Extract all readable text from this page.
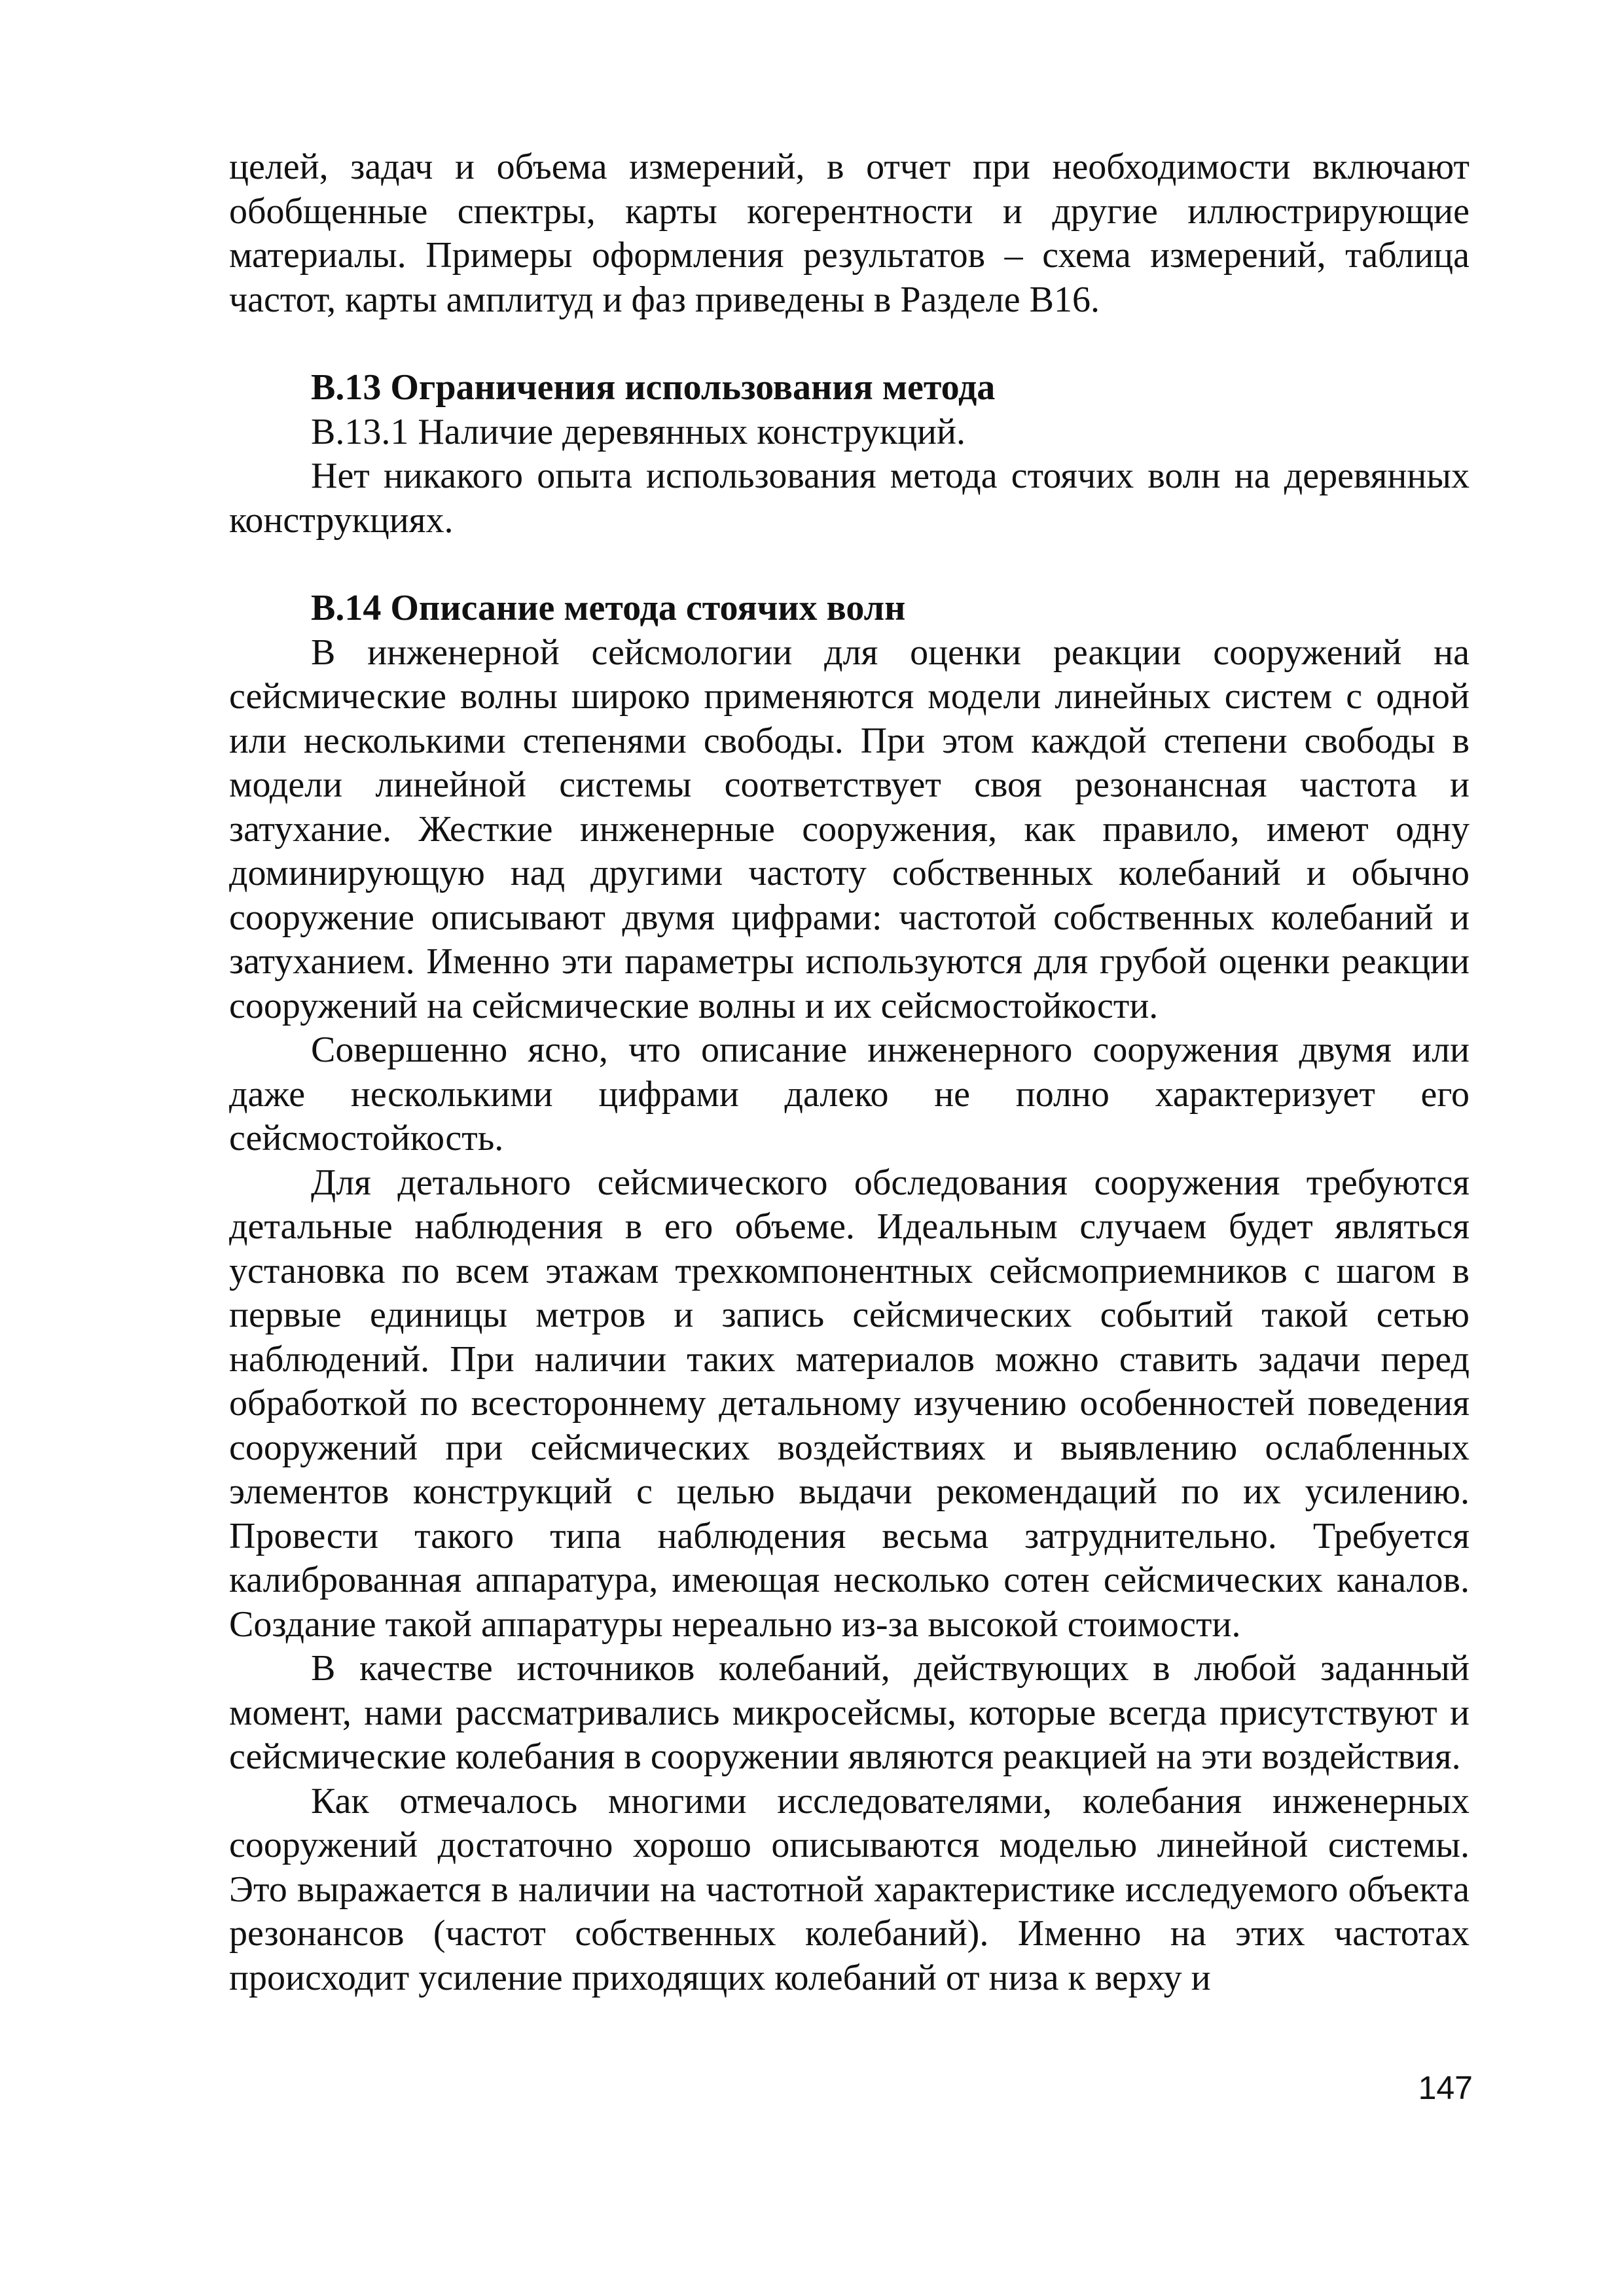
целей, задач и объема измерений, в отчет при необходимости включают обобщенные спектры, карты когерентности и другие иллюстрирующие материалы. Примеры оформления результатов – схема измерений, таблица частот, карты амплитуд и фаз приведены в Разделе В16.

В.13 Ограничения использования метода

В.13.1 Наличие деревянных конструкций.

Нет никакого опыта использования метода стоячих волн на деревянных конструкциях.

В.14 Описание метода стоячих волн

В инженерной сейсмологии для оценки реакции сооружений на сейсмические волны широко применяются модели линейных систем с одной или несколькими степенями свободы. При этом каждой степени свободы в модели линейной системы соответствует своя резонансная частота и затухание. Жесткие инженерные сооружения, как правило, имеют одну доминирующую над другими частоту собственных колебаний и обычно сооружение описывают двумя цифрами: частотой собственных колебаний и затуханием. Именно эти параметры используются для грубой оценки реакции сооружений на сейсмические волны и их сейсмостойкости.

Совершенно ясно, что описание инженерного сооружения двумя или даже несколькими цифрами далеко не полно характеризует его сейсмостойкость.

Для детального сейсмического обследования сооружения требуются детальные наблюдения в его объеме. Идеальным случаем будет являться установка по всем этажам трехкомпонентных сейсмоприемников с шагом в первые единицы метров и запись сейсмических событий такой сетью наблюдений. При наличии таких материалов можно ставить задачи перед обработкой по всестороннему детальному изучению особенностей поведения сооружений при сейсмических воздействиях и выявлению ослабленных элементов конструкций с целью выдачи рекомендаций по их усилению. Провести такого типа наблюдения весьма затруднительно. Требуется калиброванная аппаратура, имеющая несколько сотен сейсмических каналов. Создание такой аппаратуры нереально из-за высокой стоимости.

В качестве источников колебаний, действующих в любой заданный момент, нами рассматривались микросейсмы, которые всегда присутствуют и сейсмические колебания в сооружении являются реакцией на эти воздействия.

Как отмечалось многими исследователями, колебания инженерных сооружений достаточно хорошо описываются моделью линейной системы. Это выражается в наличии на частотной характеристике исследуемого объекта резонансов (частот собственных колебаний). Именно на этих частотах происходит усиление приходящих колебаний от низа к верху и

147
